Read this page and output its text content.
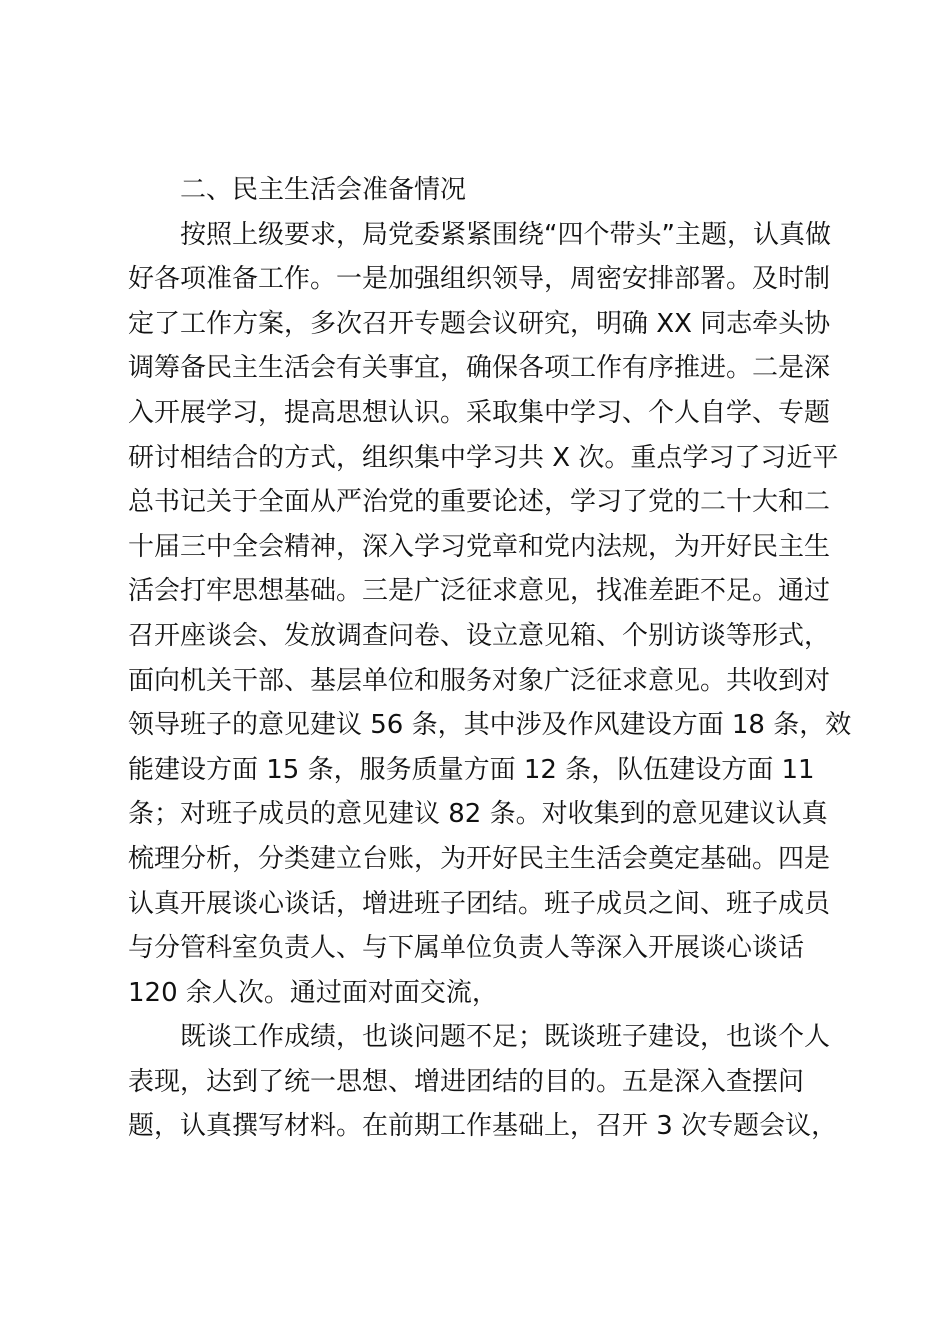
二、民主生活会准备情况
按照上级要求，局党委紧紧围绕“四个带头”主题，认真做
好各项准备工作。一是加强组织领导，周密安排部署。及时制
定了工作方案，多次召开专题会议研究，明确 XX 同志牵头协
调筹备民主生活会有关事宜，确保各项工作有序推进。二是深
入开展学习，提高思想认识。采取集中学习、个人自学、专题
研讨相结合的方式，组织集中学习共 X 次。重点学习了习近平
总书记关于全面从严治党的重要论述，学习了党的二十大和二
十届三中全会精神，深入学习党章和党内法规，为开好民主生
活会打牢思想基础。三是广泛征求意见，找准差距不足。通过
召开座谈会、发放调查问卷、设立意见箱、个别访谈等形式，
面向机关干部、基层单位和服务对象广泛征求意见。共收到对
领导班子的意见建议 56 条，其中涉及作风建设方面 18 条，效
能建设方面 15 条，服务质量方面 12 条，队伍建设方面 11
条；对班子成员的意见建议 82 条。对收集到的意见建议认真
梳理分析，分类建立台账，为开好民主生活会奠定基础。四是
认真开展谈心谈话，增进班子团结。班子成员之间、班子成员
与分管科室负责人、与下属单位负责人等深入开展谈心谈话
120 余人次。通过面对面交流，
既谈工作成绩，也谈问题不足；既谈班子建设，也谈个人
表现，达到了统一思想、增进团结的目的。五是深入查摆问
题，认真撰写材料。在前期工作基础上，召开 3 次专题会议，
